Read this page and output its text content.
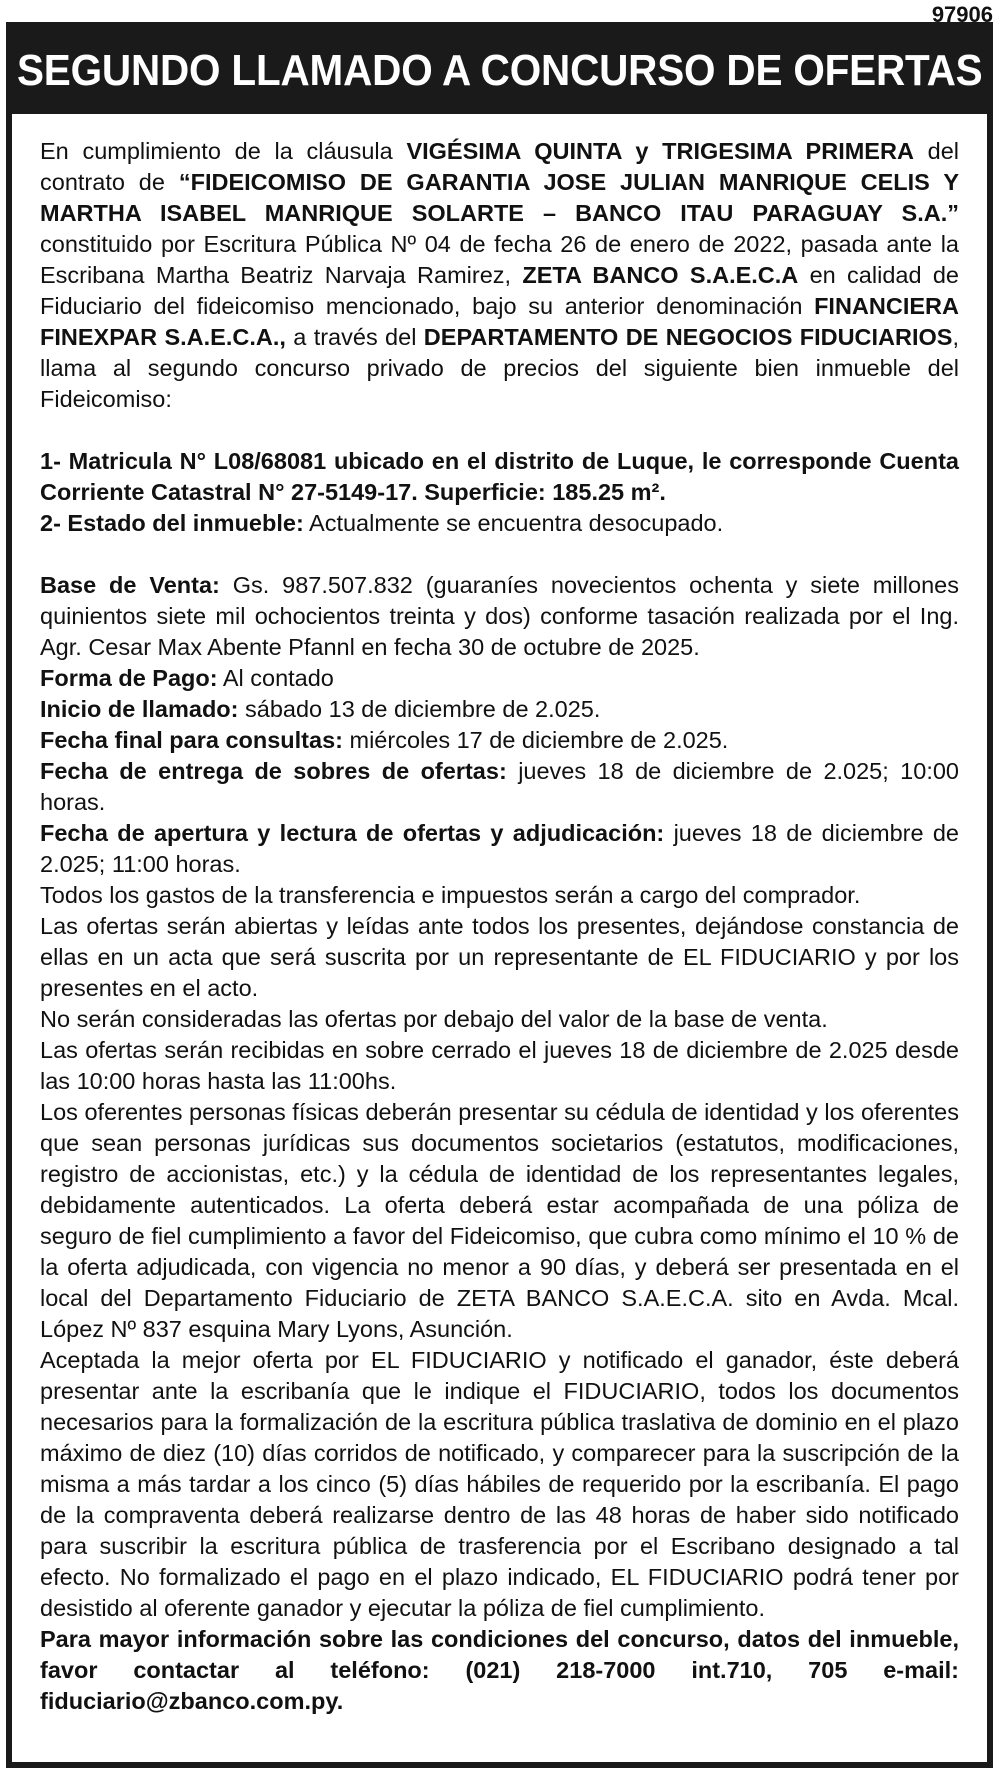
97906
SEGUNDO LLAMADO A CONCURSO DE OFERTAS

En cumplimiento de la cláusula VIGÉSIMA QUINTA y TRIGESIMA PRIMERA del contrato de “FIDEICOMISO DE GARANTIA JOSE JULIAN MANRIQUE CELIS Y MARTHA ISABEL MANRIQUE SOLARTE – BANCO ITAU PARAGUAY S.A.” constituido por Escritura Pública Nº 04 de fecha 26 de enero de 2022, pasada ante la Escribana Martha Beatriz Narvaja Ramirez, ZETA BANCO S.A.E.C.A en calidad de Fiduciario del fideicomiso mencionado, bajo su anterior denominación FINANCIERA FINEXPAR S.A.E.C.A., a través del DEPARTAMENTO DE NEGOCIOS FIDUCIARIOS, llama al segundo concurso privado de precios del siguiente bien inmueble del Fideicomiso:

1- Matricula N° L08/68081 ubicado en el distrito de Luque, le corresponde Cuenta Corriente Catastral N° 27-5149-17. Superficie: 185.25 m².

2- Estado del inmueble: Actualmente se encuentra desocupado.

Base de Venta: Gs. 987.507.832 (guaraníes novecientos ochenta y siete millones quinientos siete mil ochocientos treinta y dos) conforme tasación realizada por el Ing. Agr. Cesar Max Abente Pfannl en fecha 30 de octubre de 2025.

Forma de Pago: Al contado

Inicio de llamado: sábado 13 de diciembre de 2.025.

Fecha final para consultas: miércoles 17 de diciembre de 2.025.

Fecha de entrega de sobres de ofertas: jueves 18 de diciembre de 2.025; 10:00 horas.

Fecha de apertura y lectura de ofertas y adjudicación: jueves 18 de diciembre de 2.025; 11:00 horas.

Todos los gastos de la transferencia e impuestos serán a cargo del comprador.

Las ofertas serán abiertas y leídas ante todos los presentes, dejándose constancia de ellas en un acta que será suscrita por un representante de EL FIDUCIARIO y por los presentes en el acto.

No serán consideradas las ofertas por debajo del valor de la base de venta.

Las ofertas serán recibidas en sobre cerrado el jueves 18 de diciembre de 2.025 desde las 10:00 horas hasta las 11:00hs.

Los oferentes personas físicas deberán presentar su cédula de identidad y los oferentes que sean personas jurídicas sus documentos societarios (estatutos, modificaciones, registro de accionistas, etc.) y la cédula de identidad de los representantes legales, debidamente autenticados. La oferta deberá estar acompañada de una póliza de seguro de fiel cumplimiento a favor del Fideicomiso, que cubra como mínimo el 10 % de la oferta adjudicada, con vigencia no menor a 90 días, y deberá ser presentada en el local del Departamento Fiduciario de ZETA BANCO S.A.E.C.A. sito en Avda. Mcal. López Nº 837 esquina Mary Lyons, Asunción.

Aceptada la mejor oferta por EL FIDUCIARIO y notificado el ganador, éste deberá presentar ante la escribanía que le indique el FIDUCIARIO, todos los documentos necesarios para la formalización de la escritura pública traslativa de dominio en el plazo máximo de diez (10) días corridos de notificado, y comparecer para la suscripción de la misma a más tardar a los cinco (5) días hábiles de requerido por la escribanía. El pago de la compraventa deberá realizarse dentro de las 48 horas de haber sido notificado para suscribir la escritura pública de trasferencia por el Escribano designado a tal efecto. No formalizado el pago en el plazo indicado, EL FIDUCIARIO podrá tener por desistido al oferente ganador y ejecutar la póliza de fiel cumplimiento.

Para mayor información sobre las condiciones del concurso, datos del inmueble, favor contactar al teléfono: (021) 218-7000 int.710, 705 e-mail: fiduciario@zbanco.com.py.
